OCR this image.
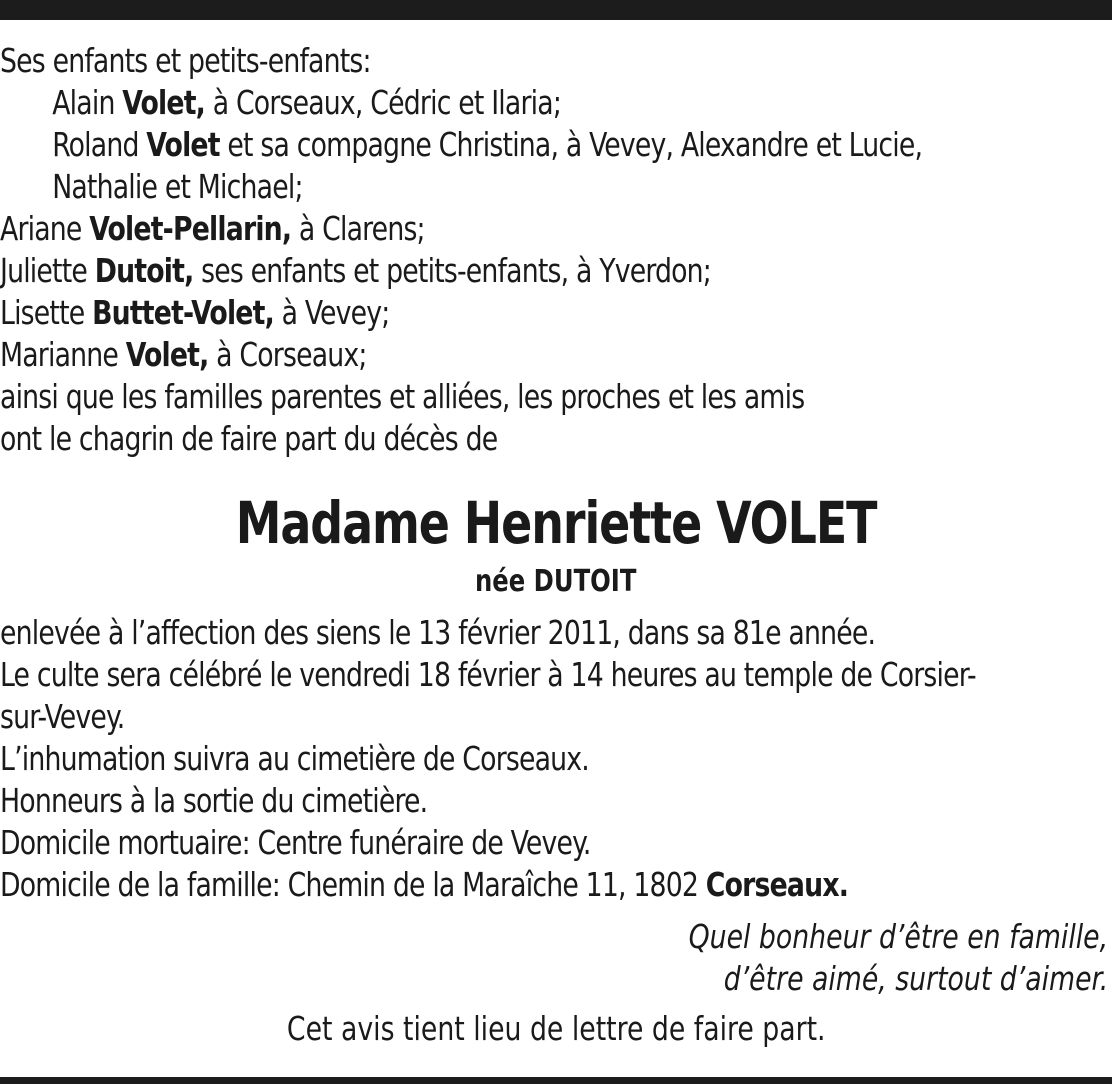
Ses enfants et petits-enfants:
Alain Volet, à Corseaux, Cédric et Ilaria;
Roland Volet et sa compagne Christina, à Vevey, Alexandre et Lucie,
Nathalie et Michael;
Ariane Volet-Pellarin, à Clarens;
Juliette Dutoit, ses enfants et petits-enfants, à Yverdon;
Lisette Buttet-Volet, à Vevey;
Marianne Volet, à Corseaux;
ainsi que les familles parentes et alliées, les proches et les amis
ont le chagrin de faire part du décès de
Madame Henriette VOLET
née DUTOIT
enlevée à l’affection des siens le 13 février 2011, dans sa 81e année.
Le culte sera célébré le vendredi 18 février à 14 heures au temple de Corsier-
sur-Vevey.
L’inhumation suivra au cimetière de Corseaux.
Honneurs à la sortie du cimetière.
Domicile mortuaire: Centre funéraire de Vevey.
Domicile de la famille: Chemin de la Maraîche 11, 1802 Corseaux.
Quel bonheur d’être en famille,
d’être aimé, surtout d’aimer.
Cet avis tient lieu de lettre de faire part.
